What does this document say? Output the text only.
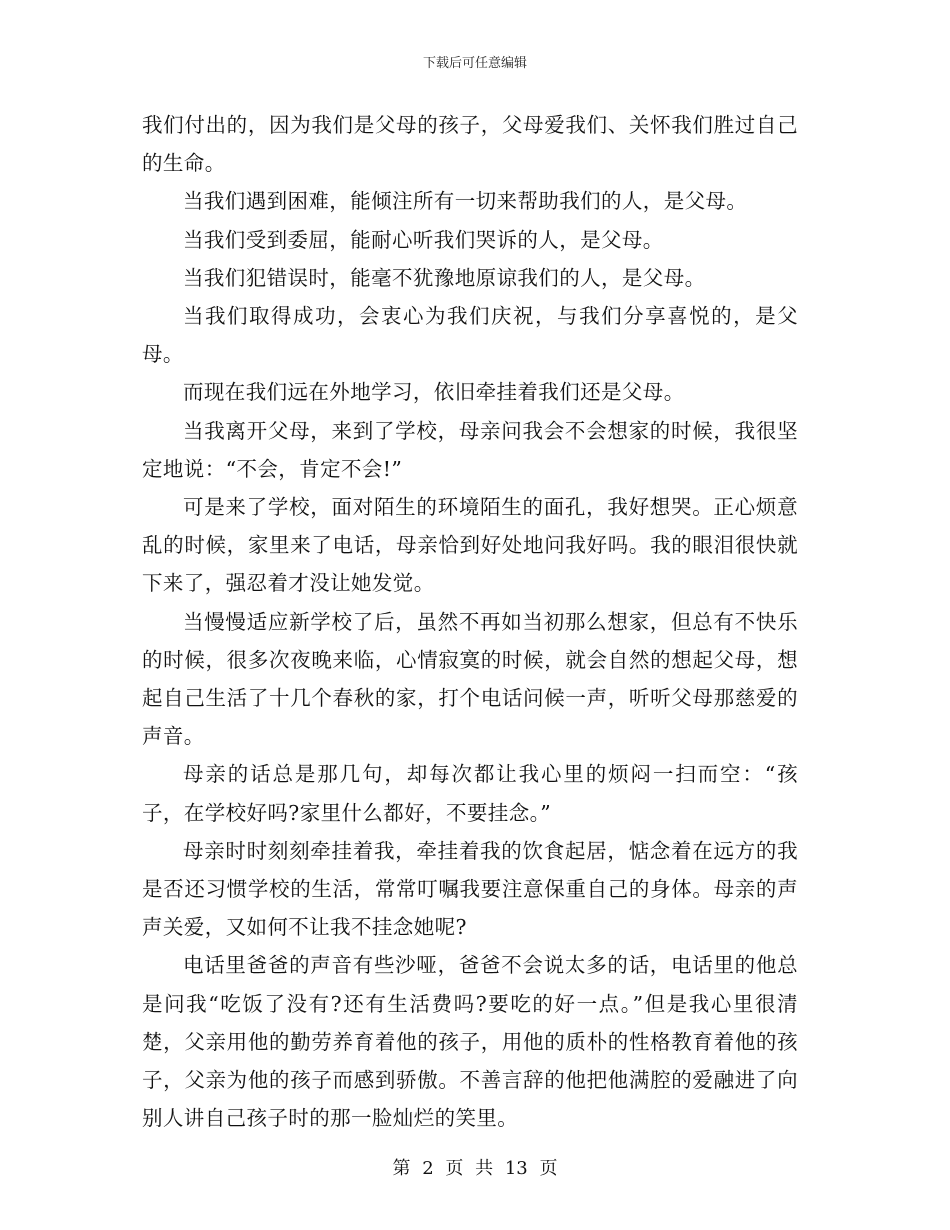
下载后可任意编辑

我们付出的，因为我们是父母的孩子，父母爱我们、关怀我们胜过自己的生命。

当我们遇到困难，能倾注所有一切来帮助我们的人，是父母。

当我们受到委屈，能耐心听我们哭诉的人，是父母。

当我们犯错误时，能毫不犹豫地原谅我们的人，是父母。

当我们取得成功，会衷心为我们庆祝，与我们分享喜悦的，是父母。

而现在我们远在外地学习，依旧牵挂着我们还是父母。

当我离开父母，来到了学校，母亲问我会不会想家的时候，我很坚定地说：“不会，肯定不会!”

可是来了学校，面对陌生的环境陌生的面孔，我好想哭。正心烦意乱的时候，家里来了电话，母亲恰到好处地问我好吗。我的眼泪很快就下来了，强忍着才没让她发觉。

当慢慢适应新学校了后，虽然不再如当初那么想家，但总有不快乐的时候，很多次夜晚来临，心情寂寞的时候，就会自然的想起父母，想起自己生活了十几个春秋的家，打个电话问候一声，听听父母那慈爱的声音。

母亲的话总是那几句，却每次都让我心里的烦闷一扫而空：“孩子，在学校好吗?家里什么都好，不要挂念。”

母亲时时刻刻牵挂着我，牵挂着我的饮食起居，惦念着在远方的我是否还习惯学校的生活，常常叮嘱我要注意保重自己的身体。母亲的声声关爱，又如何不让我不挂念她呢?

电话里爸爸的声音有些沙哑，爸爸不会说太多的话，电话里的他总是问我“吃饭了没有?还有生活费吗?要吃的好一点。”但是我心里很清楚，父亲用他的勤劳养育着他的孩子，用他的质朴的性格教育着他的孩子，父亲为他的孩子而感到骄傲。不善言辞的他把他满腔的爱融进了向别人讲自己孩子时的那一脸灿烂的笑里。

第 2 页 共 13 页
